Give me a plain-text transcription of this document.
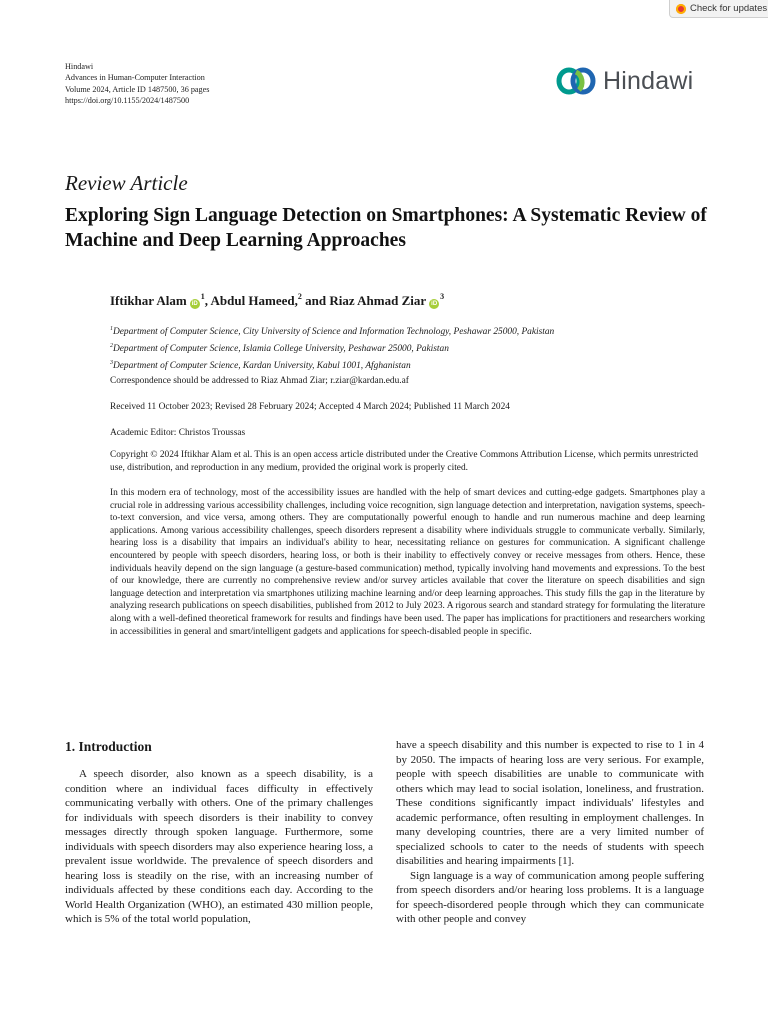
Check for updates
Hindawi
Advances in Human-Computer Interaction
Volume 2024, Article ID 1487500, 36 pages
https://doi.org/10.1155/2024/1487500
Hindawi
Review Article
Exploring Sign Language Detection on Smartphones: A Systematic Review of Machine and Deep Learning Approaches
Iftikhar Alam $iD^1$, Abdul Hameed,$^2$ and Riaz Ahmad Ziar $iD^3$
$^1$Department of Computer Science, City University of Science and Information Technology, Peshawar 25000, Pakistan
$^2$Department of Computer Science, Islamia College University, Peshawar 25000, Pakistan
$^3$Department of Computer Science, Kardan University, Kabul 1001, Afghanistan
Correspondence should be addressed to Riaz Ahmad Ziar; r.ziar@kardan.edu.af
Received 11 October 2023; Revised 28 February 2024; Accepted 4 March 2024; Published 11 March 2024
Academic Editor: Christos Troussas
Copyright © 2024 Iftikhar Alam et al. This is an open access article distributed under the Creative Commons Attribution License, which permits unrestricted use, distribution, and reproduction in any medium, provided the original work is properly cited.
In this modern era of technology, most of the accessibility issues are handled with the help of smart devices and cutting-edge gadgets. Smartphones play a crucial role in addressing various accessibility challenges, including voice recognition, sign language detection and interpretation, navigation systems, speech-to-text conversion, and vice versa, among others. They are computationally powerful enough to handle and run numerous machine and deep learning applications. Among various accessibility challenges, speech disorders represent a disability where individuals struggle to communicate verbally. Similarly, hearing loss is a disability that impairs an individual's ability to hear, necessitating reliance on gestures for communication. A significant challenge encountered by people with speech disorders, hearing loss, or both is their inability to effectively convey or receive messages from others. Hence, these individuals heavily depend on the sign language (a gesture-based communication) method, typically involving hand movements and expressions. To the best of our knowledge, there are currently no comprehensive review and/or survey articles available that cover the literature on speech disabilities and sign language detection and interpretation via smartphones utilizing machine learning and/or deep learning approaches. This study fills the gap in the literature by analyzing research publications on speech disabilities, published from 2012 to July 2023. A rigorous search and standard strategy for formulating the literature along with a well-defined theoretical framework for results and findings have been used. The paper has implications for practitioners and researchers working in accessibilities in general and smart/intelligent gadgets and applications for speech-disabled people in specific.
1. Introduction

A speech disorder, also known as a speech disability, is a condition where an individual faces difficulty in effectively communicating verbally with others. One of the primary challenges for individuals with speech disorders is their inability to convey messages directly through spoken language. Furthermore, some individuals with speech disorders may also experience hearing loss, a prevalent issue worldwide. The prevalence of speech disorders and hearing loss is steadily on the rise, with an increasing number of individuals affected by these conditions each day. According to the World Health Organization (WHO), an estimated 430 million people, which is 5% of the total world population,

have a speech disability and this number is expected to rise to 1 in 4 by 2050. The impacts of hearing loss are very serious. For example, people with speech disabilities are unable to communicate with others which may lead to social isolation, loneliness, and frustration. These conditions significantly impact individuals' lifestyles and academic performance, often resulting in employment challenges. In many developing countries, there are a very limited number of specialized schools to cater to the needs of students with speech disabilities and hearing impairments [1].

Sign language is a way of communication among people suffering from speech disorders and/or hearing loss problems. It is a language for speech-disordered people through which they can communicate with other people and convey
